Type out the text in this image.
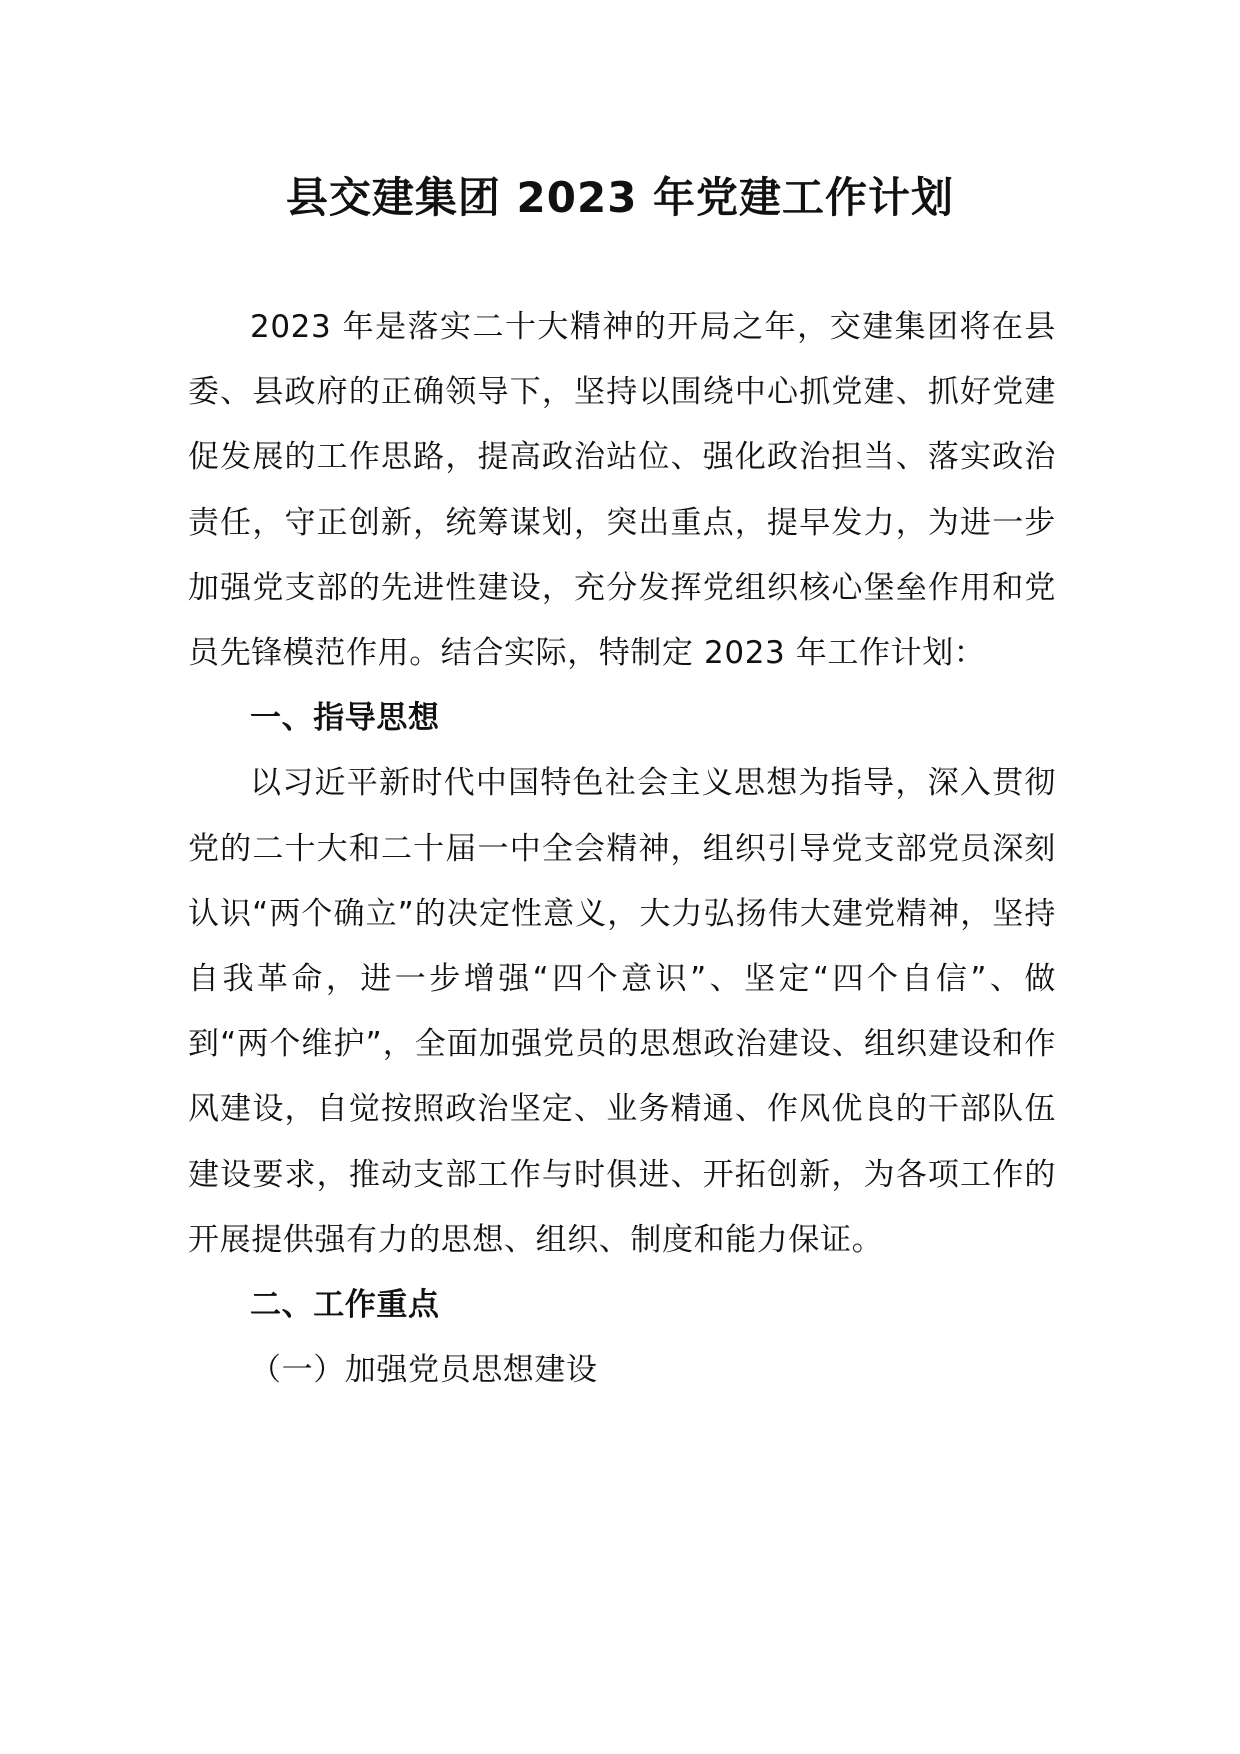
县交建集团 2023 年党建工作计划

2023 年是落实二十大精神的开局之年，交建集团将在县委、县政府的正确领导下，坚持以围绕中心抓党建、抓好党建促发展的工作思路，提高政治站位、强化政治担当、落实政治责任，守正创新，统筹谋划，突出重点，提早发力，为进一步加强党支部的先进性建设，充分发挥党组织核心堡垒作用和党员先锋模范作用。结合实际，特制定 2023 年工作计划：

一、指导思想

以习近平新时代中国特色社会主义思想为指导，深入贯彻党的二十大和二十届一中全会精神，组织引导党支部党员深刻认识“两个确立”的决定性意义，大力弘扬伟大建党精神，坚持自我革命，进一步增强“四个意识”、坚定“四个自信”、做到“两个维护”，全面加强党员的思想政治建设、组织建设和作风建设，自觉按照政治坚定、业务精通、作风优良的干部队伍建设要求，推动支部工作与时俱进、开拓创新，为各项工作的开展提供强有力的思想、组织、制度和能力保证。

二、工作重点

（一）加强党员思想建设
